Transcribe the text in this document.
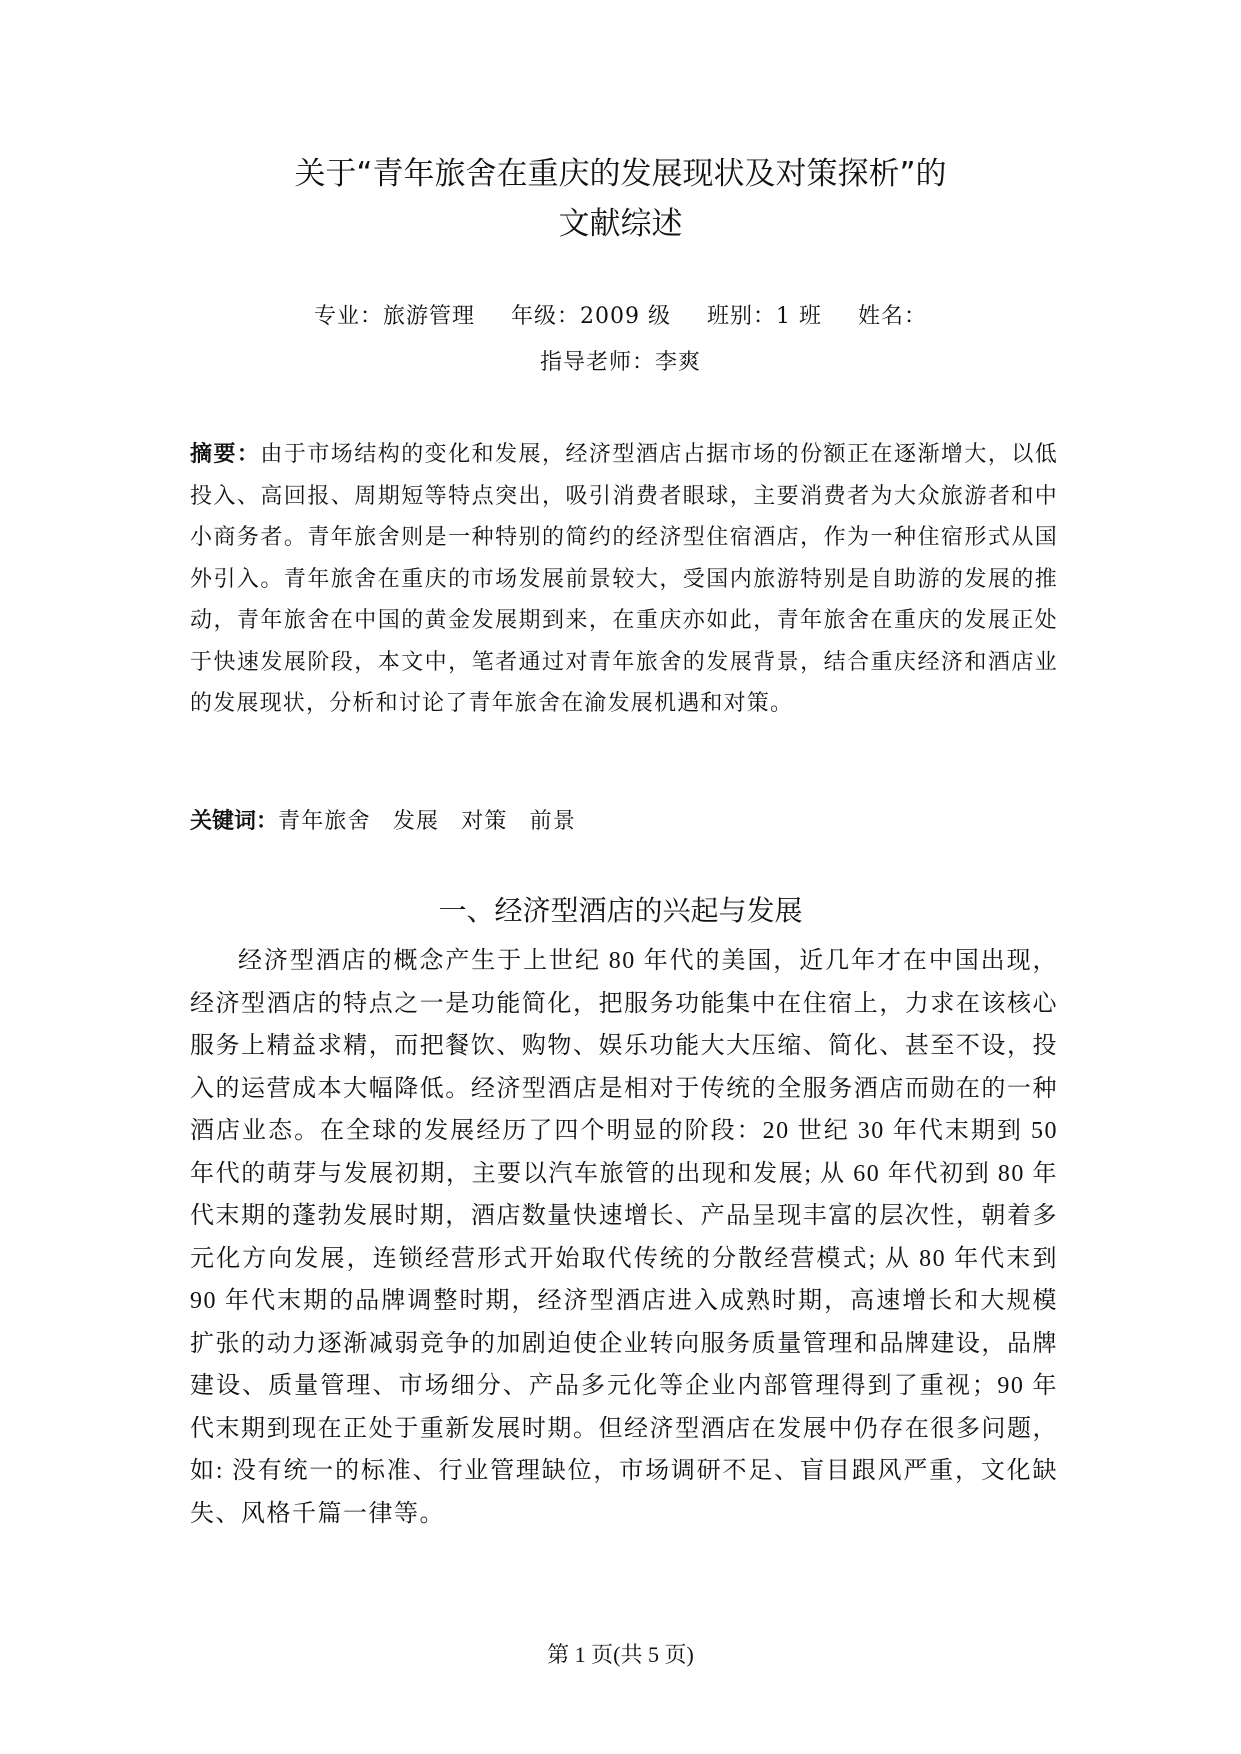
关于“青年旅舍在重庆的发展现状及对策探析”的
文献综述
专业：旅游管理 年级：2009 级 班别：1 班 姓名：
指导老师：李爽

摘要：由于市场结构的变化和发展，经济型酒店占据市场的份额正在逐渐增大，以低投入、高回报、周期短等特点突出，吸引消费者眼球，主要消费者为大众旅游者和中小商务者。青年旅舍则是一种特别的简约的经济型住宿酒店，作为一种住宿形式从国外引入。青年旅舍在重庆的市场发展前景较大，受国内旅游特别是自助游的发展的推动，青年旅舍在中国的黄金发展期到来，在重庆亦如此，青年旅舍在重庆的发展正处于快速发展阶段，本文中，笔者通过对青年旅舍的发展背景，结合重庆经济和酒店业的发展现状，分析和讨论了青年旅舍在渝发展机遇和对策。

关键词：青年旅舍 发展 对策 前景

一、经济型酒店的兴起与发展

经济型酒店的概念产生于上世纪 80 年代的美国，近几年才在中国出现，经济型酒店的特点之一是功能简化，把服务功能集中在住宿上，力求在该核心服务上精益求精，而把餐饮、购物、娱乐功能大大压缩、简化、甚至不设，投入的运营成本大幅降低。经济型酒店是相对于传统的全服务酒店而勋在的一种酒店业态。在全球的发展经历了四个明显的阶段：20 世纪 30 年代末期到 50 年代的萌芽与发展初期，主要以汽车旅管的出现和发展; 从 60 年代初到 80 年代末期的蓬勃发展时期，酒店数量快速增长、产品呈现丰富的层次性，朝着多元化方向发展，连锁经营形式开始取代传统的分散经营模式; 从 80 年代末到 90 年代末期的品牌调整时期，经济型酒店进入成熟时期，高速增长和大规模扩张的动力逐渐减弱竞争的加剧迫使企业转向服务质量管理和品牌建设，品牌建设、质量管理、市场细分、产品多元化等企业内部管理得到了重视；90 年代末期到现在正处于重新发展时期。但经济型酒店在发展中仍存在很多问题，如: 没有统一的标准、行业管理缺位，市场调研不足、盲目跟风严重，文化缺失、风格千篇一律等。

第 1 页(共 5 页)
